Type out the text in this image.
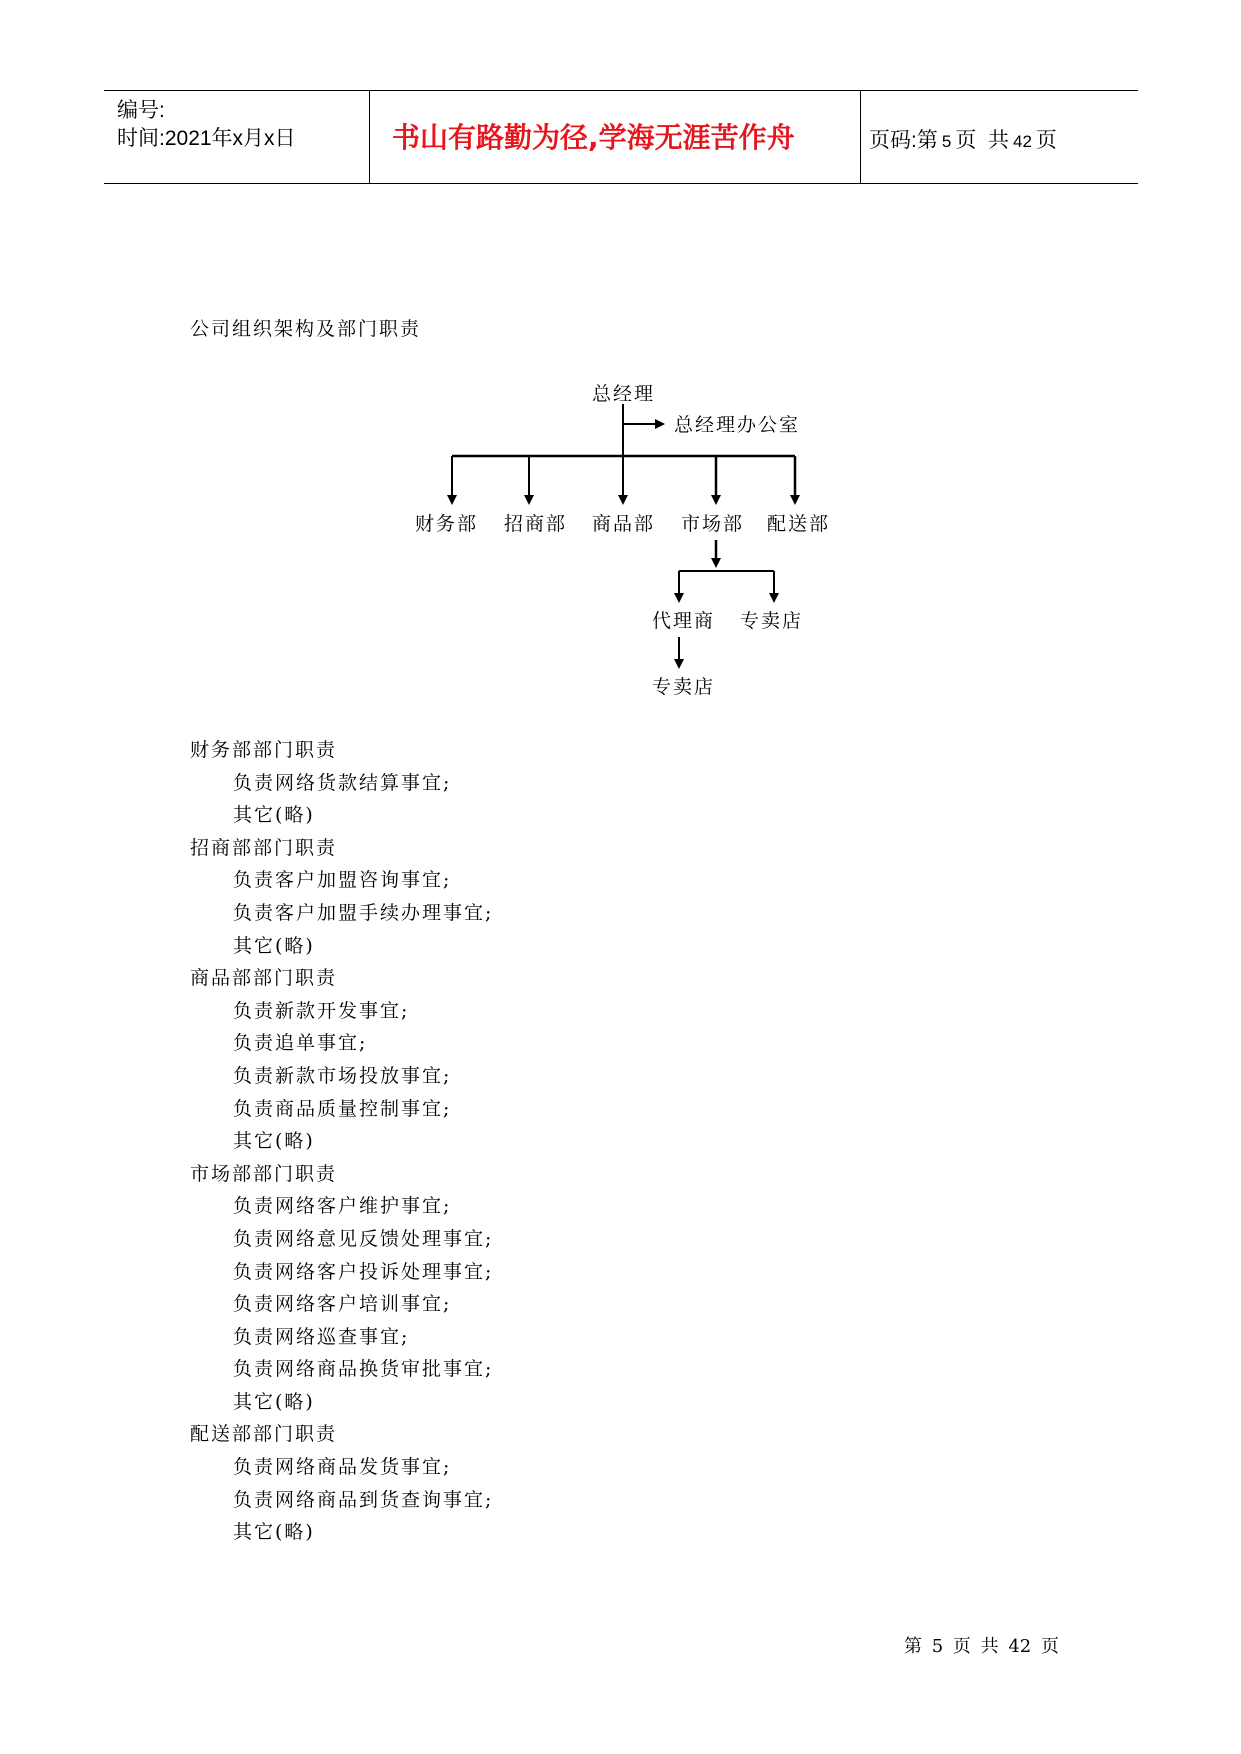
编号:
时间:2021年x月x日	书山有路勤为径,学海无涯苦作舟	页码:第 5 页  共 42 页
公司组织架构及部门职责
总经理
总经理办公室
财务部 招商部 商品部 市场部 配送部
代理商 专卖店
专卖店
财务部部门职责
负责网络货款结算事宜;
其它(略)
招商部部门职责
负责客户加盟咨询事宜;
负责客户加盟手续办理事宜;
其它(略)
商品部部门职责
负责新款开发事宜;
负责追单事宜;
负责新款市场投放事宜;
负责商品质量控制事宜;
其它(略)
市场部部门职责
负责网络客户维护事宜;
负责网络意见反馈处理事宜;
负责网络客户投诉处理事宜;
负责网络客户培训事宜;
负责网络巡查事宜;
负责网络商品换货审批事宜;
其它(略)
配送部部门职责
负责网络商品发货事宜;
负责网络商品到货查询事宜;
其它(略)
第 5 页 共 42 页
